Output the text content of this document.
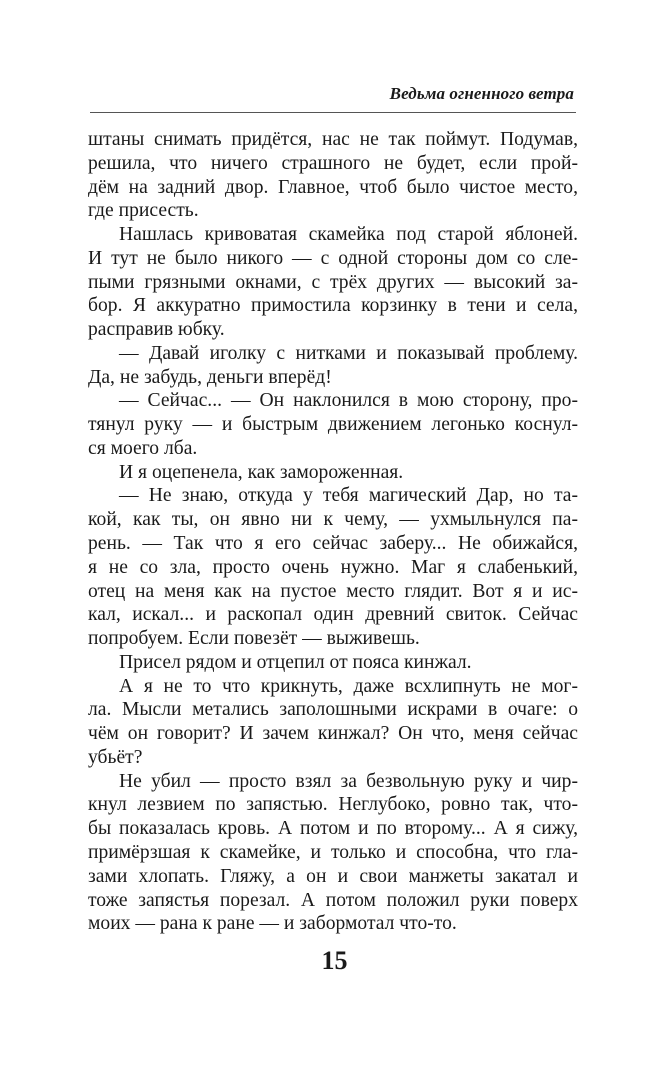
Ведьма огненного ветра
штаны снимать придётся, нас не так поймут. Подумав,
решила, что ничего страшного не будет, если прой-
дём на задний двор. Главное, чтоб было чистое место,
где присесть.
Нашлась кривоватая скамейка под старой яблоней.
И тут не было никого — с одной стороны дом со сле-
пыми грязными окнами, с трёх других — высокий за-
бор. Я аккуратно примостила корзинку в тени и села,
расправив юбку.
— Давай иголку с нитками и показывай проблему.
Да, не забудь, деньги вперёд!
— Сейчас... — Он наклонился в мою сторону, про-
тянул руку — и быстрым движением легонько коснул-
ся моего лба.
И я оцепенела, как замороженная.
— Не знаю, откуда у тебя магический Дар, но та-
кой, как ты, он явно ни к чему, — ухмыльнулся па-
рень. — Так что я его сейчас заберу... Не обижайся,
я не со зла, просто очень нужно. Маг я слабенький,
отец на меня как на пустое место глядит. Вот я и ис-
кал, искал... и раскопал один древний свиток. Сейчас
попробуем. Если повезёт — выживешь.
Присел рядом и отцепил от пояса кинжал.
А я не то что крикнуть, даже всхлипнуть не мог-
ла. Мысли метались заполошными искрами в очаге: о
чём он говорит? И зачем кинжал? Он что, меня сейчас
убьёт?
Не убил — просто взял за безвольную руку и чир-
кнул лезвием по запястью. Неглубоко, ровно так, что-
бы показалась кровь. А потом и по второму... А я сижу,
примёрзшая к скамейке, и только и способна, что гла-
зами хлопать. Гляжу, а он и свои манжеты закатал и
тоже запястья порезал. А потом положил руки поверх
моих — рана к ране — и забормотал что-то.
15
